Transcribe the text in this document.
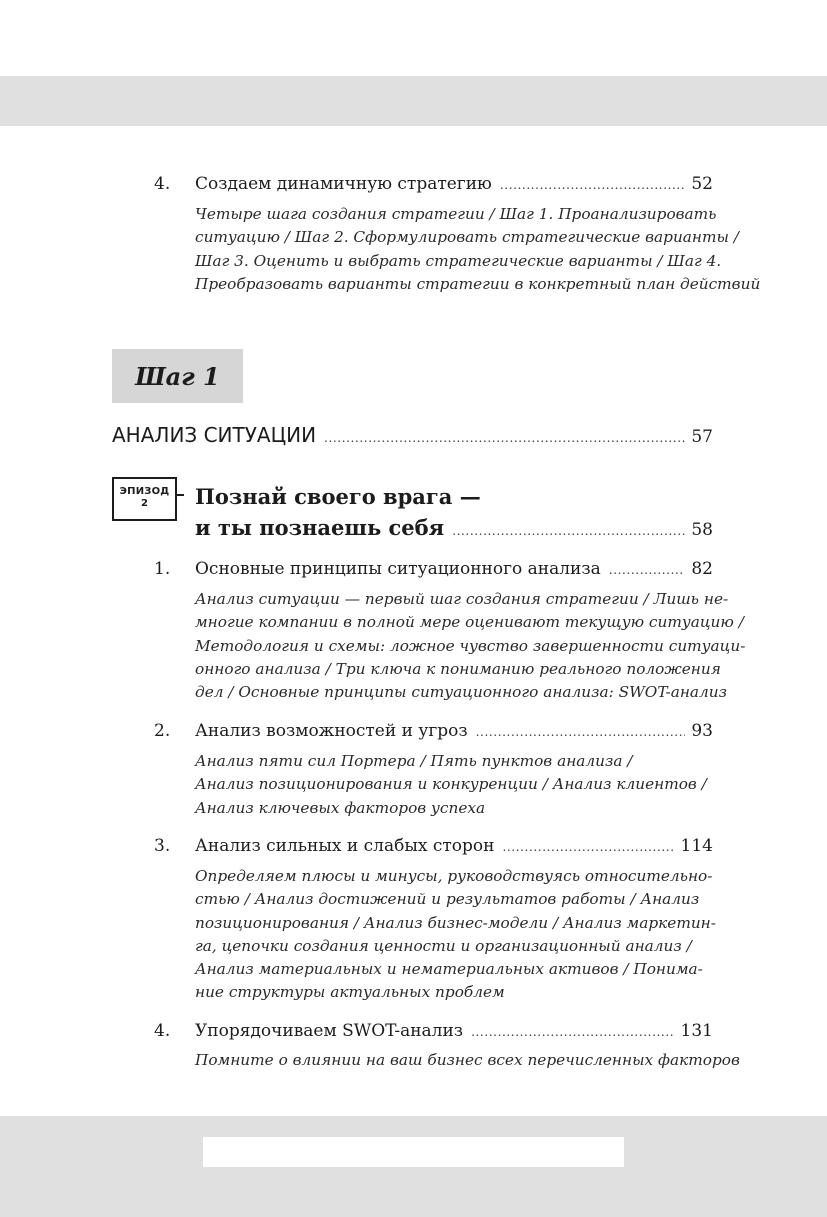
4. Создаем динамичную стратегию .....	52
Четыре шага создания стратегии / Шаг 1. Проанализировать
ситуацию / Шаг 2. Сформулировать стратегические варианты /
Шаг 3. Оценить и выбрать стратегические варианты / Шаг 4.
Преобразовать варианты стратегии в конкретный план действий
Шаг 1
АНАЛИЗ СИТУАЦИИ .....	57
ЭПИЗОД
2	Познай своего врага —
и ты познаешь себя .....	58
1. Основные принципы ситуационного анализа .....	82
Анализ ситуации — первый шаг создания стратегии / Лишь не-
многие компании в полной мере оценивают текущую ситуацию /
Методология и схемы: ложное чувство завершенности ситуаци-
онного анализа / Три ключа к пониманию реального положения
дел / Основные принципы ситуационного анализа: SWOT-анализ
2. Анализ возможностей и угроз .....	93
Анализ пяти сил Портера / Пять пунктов анализа /
Анализ позиционирования и конкуренции / Анализ клиентов /
Анализ ключевых факторов успеха
3. Анализ сильных и слабых сторон .....	114
Определяем плюсы и минусы, руководствуясь относительно-
стью / Анализ достижений и результатов работы / Анализ
позиционирования / Анализ бизнес-модели / Анализ маркетин-
га, цепочки создания ценности и организационный анализ /
Анализ материальных и нематериальных активов / Понима-
ние структуры актуальных проблем
4. Упорядочиваем SWOT-анализ .....	131
Помните о влиянии на ваш бизнес всех перечисленных факторов
